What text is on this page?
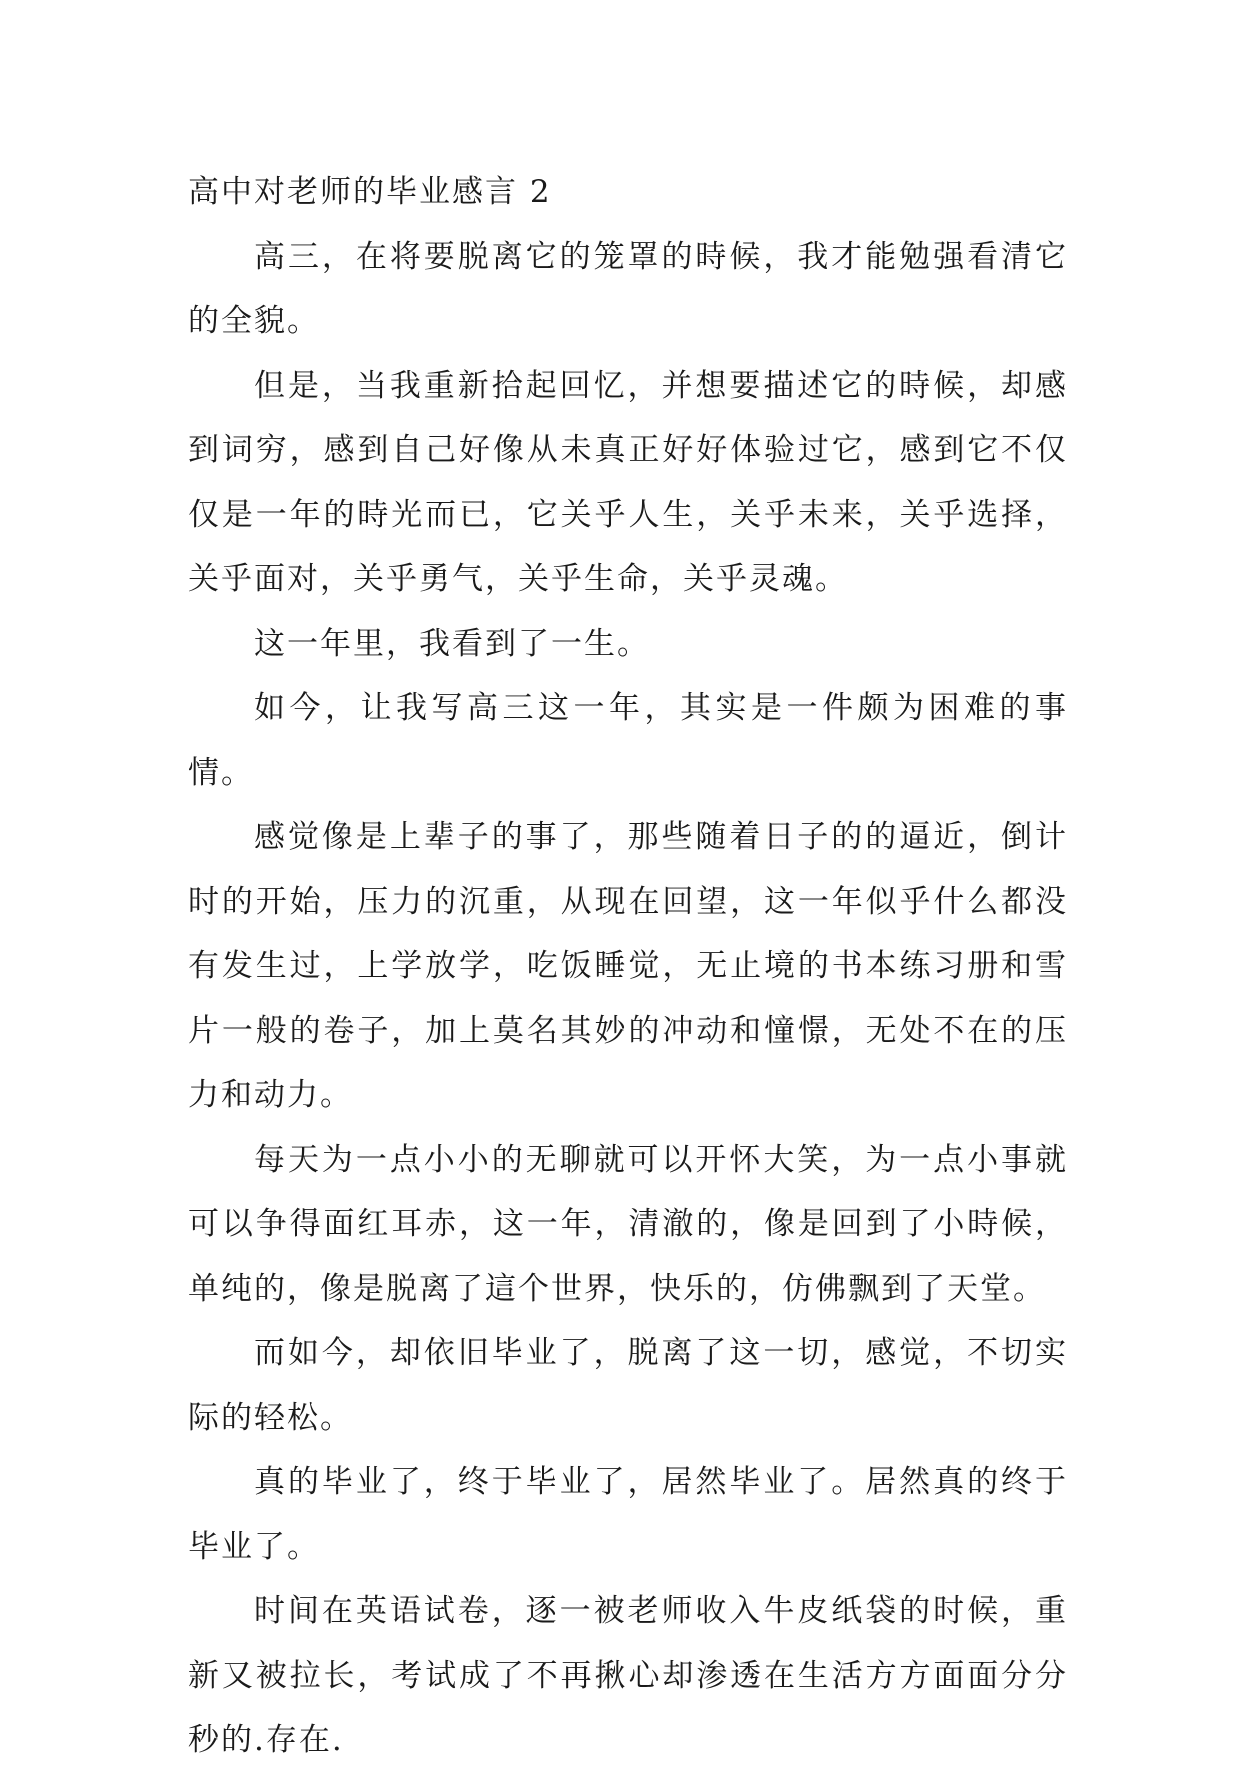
高中对老师的毕业感言 2

高三，在将要脱离它的笼罩的時候，我才能勉强看清它的全貌。

但是，当我重新拾起回忆，并想要描述它的時候，却感到词穷，感到自己好像从未真正好好体验过它，感到它不仅仅是一年的時光而已，它关乎人生，关乎未来，关乎选择，关乎面对，关乎勇气，关乎生命，关乎灵魂。

这一年里，我看到了一生。

如今，让我写高三这一年，其实是一件颇为困难的事情。

感觉像是上辈子的事了，那些随着日子的的逼近，倒计时的开始，压力的沉重，从现在回望，这一年似乎什么都没有发生过，上学放学，吃饭睡觉，无止境的书本练习册和雪片一般的卷子，加上莫名其妙的冲动和憧憬，无处不在的压力和动力。

每天为一点小小的无聊就可以开怀大笑，为一点小事就可以争得面红耳赤，这一年，清澈的，像是回到了小時候，单纯的，像是脱离了這个世界，快乐的，仿佛飘到了天堂。

而如今，却依旧毕业了，脱离了这一切，感觉，不切实际的轻松。

真的毕业了，终于毕业了，居然毕业了。居然真的终于毕业了。

时间在英语试卷，逐一被老师收入牛皮纸袋的时候，重新又被拉长，考试成了不再揪心却渗透在生活方方面面分分秒的.存在.
